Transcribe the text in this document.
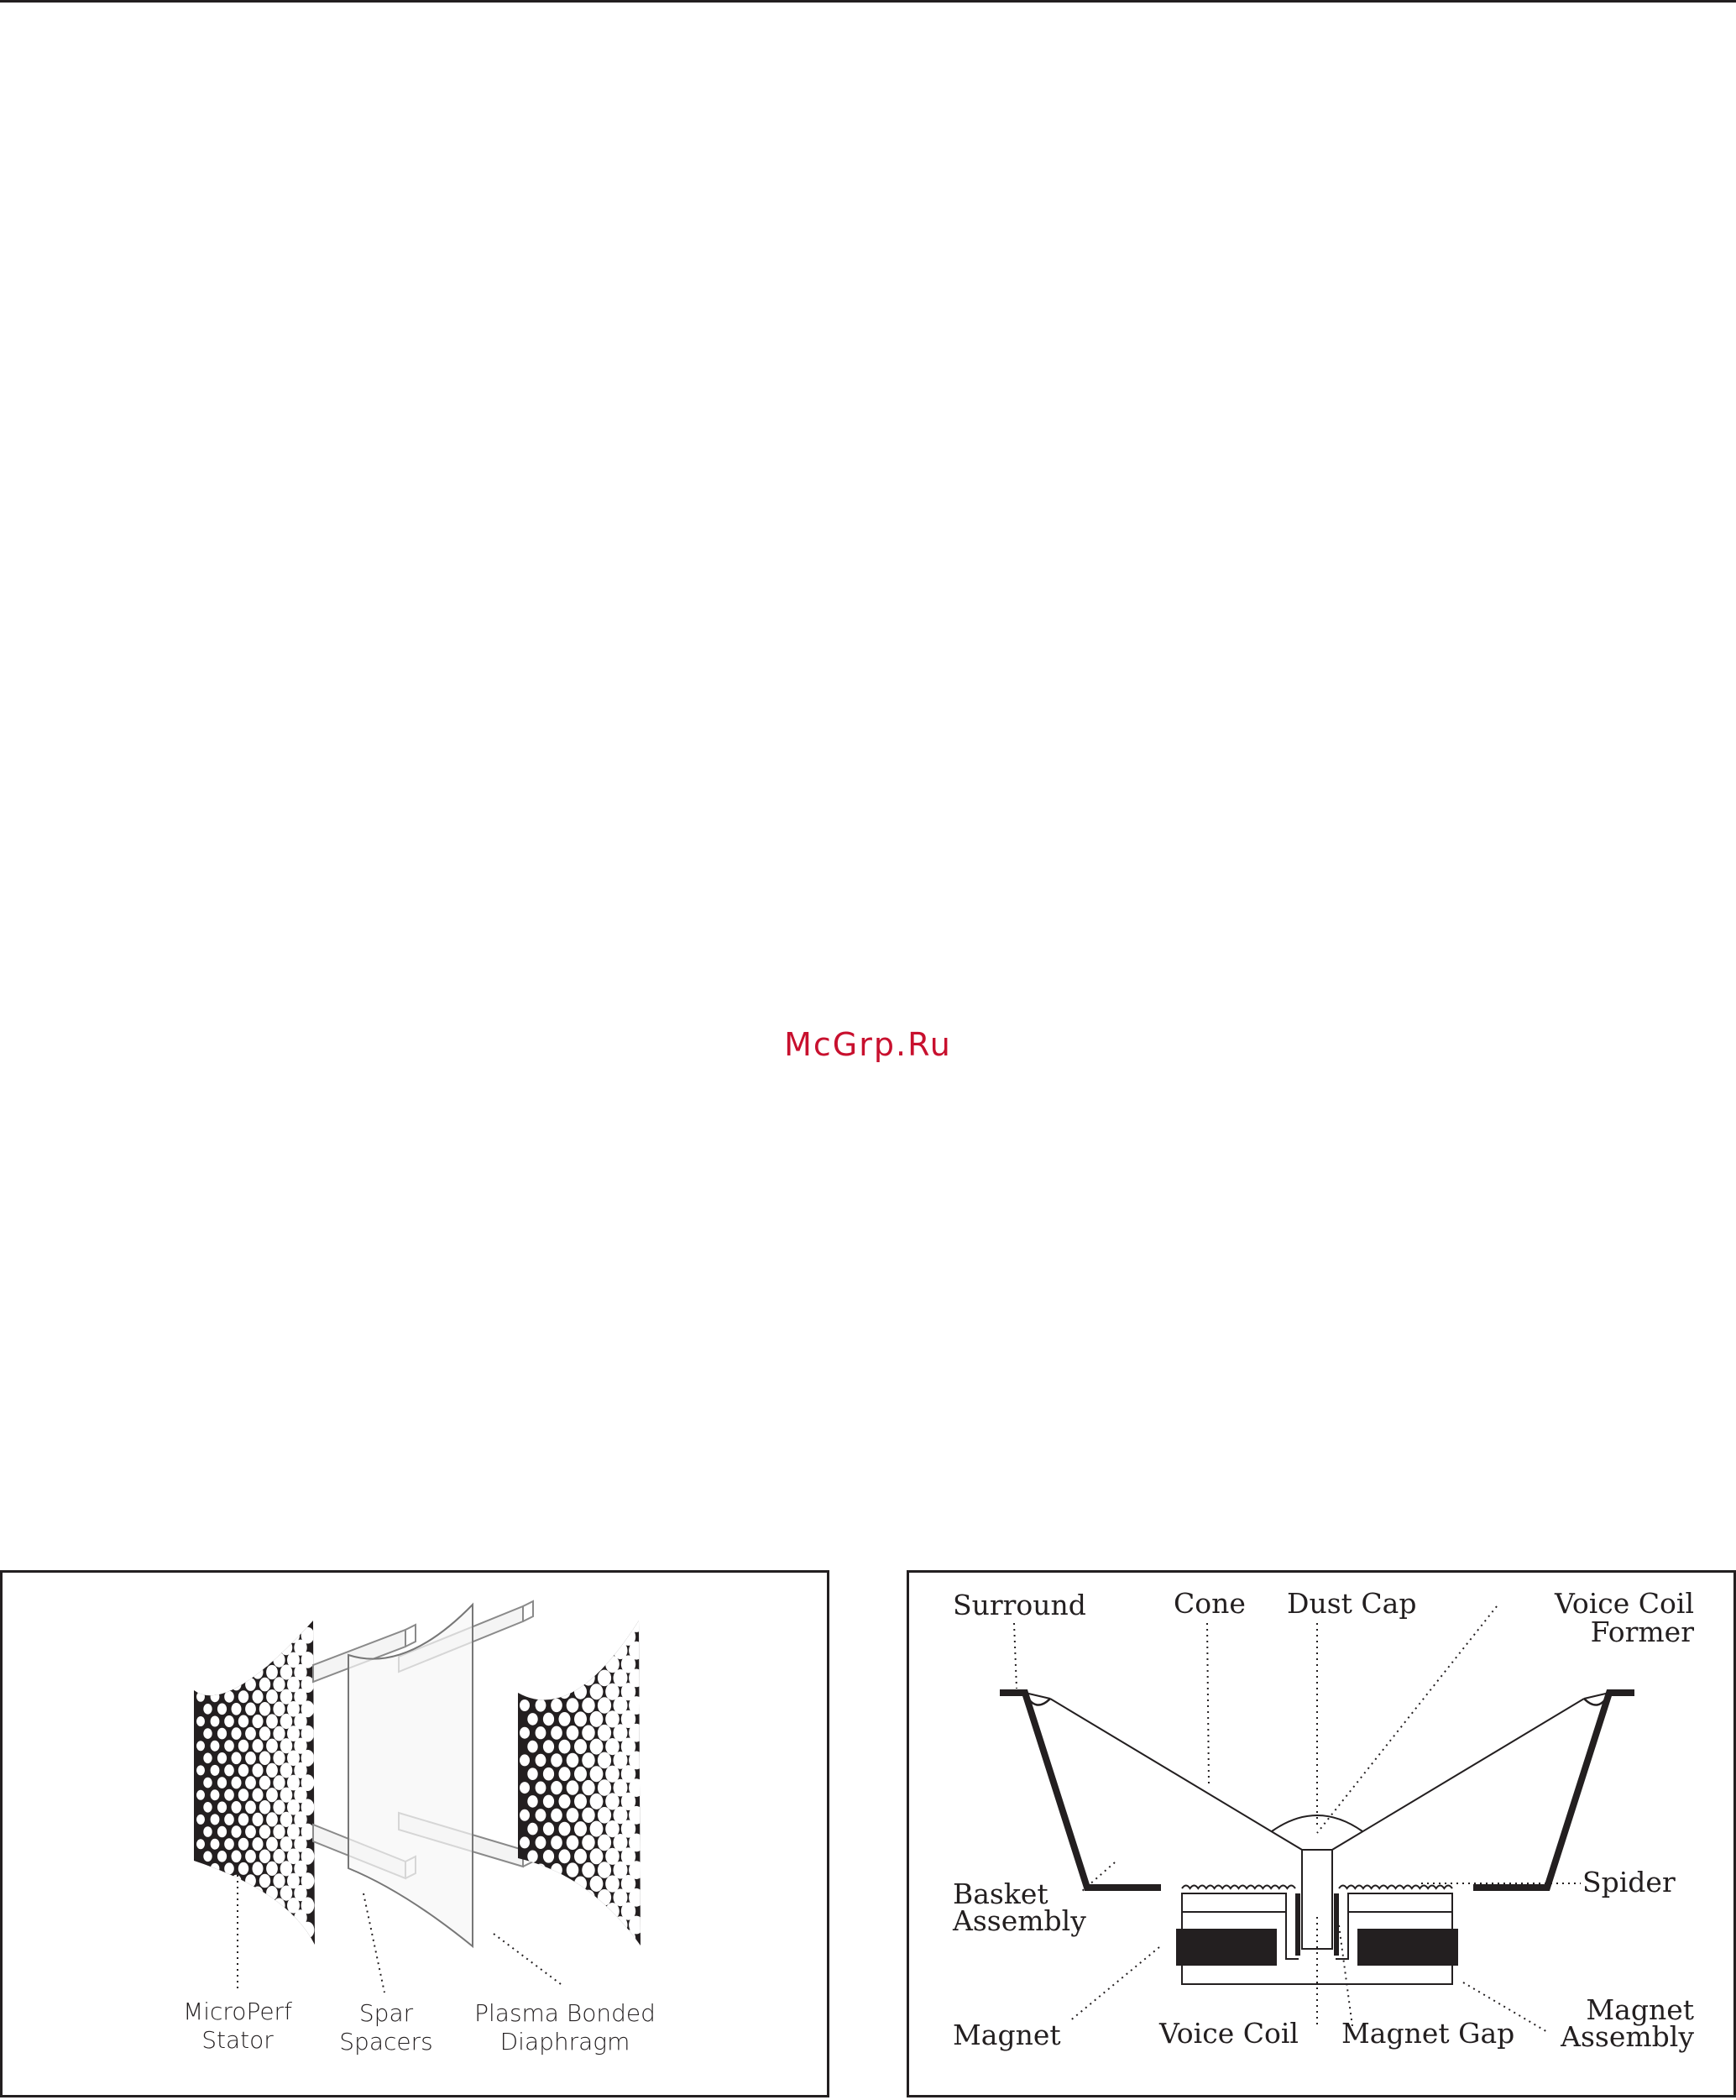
McGrp.Ru
MicroPerf
Stator
Spar
Spacers
Plasma Bonded
Diaphragm
Surround	Cone Dust Cap	Voice Coil
Former
Spider
Basket
Assembly
Magnet	Voice Coil Magnet Gap
Magnet
Assembly
